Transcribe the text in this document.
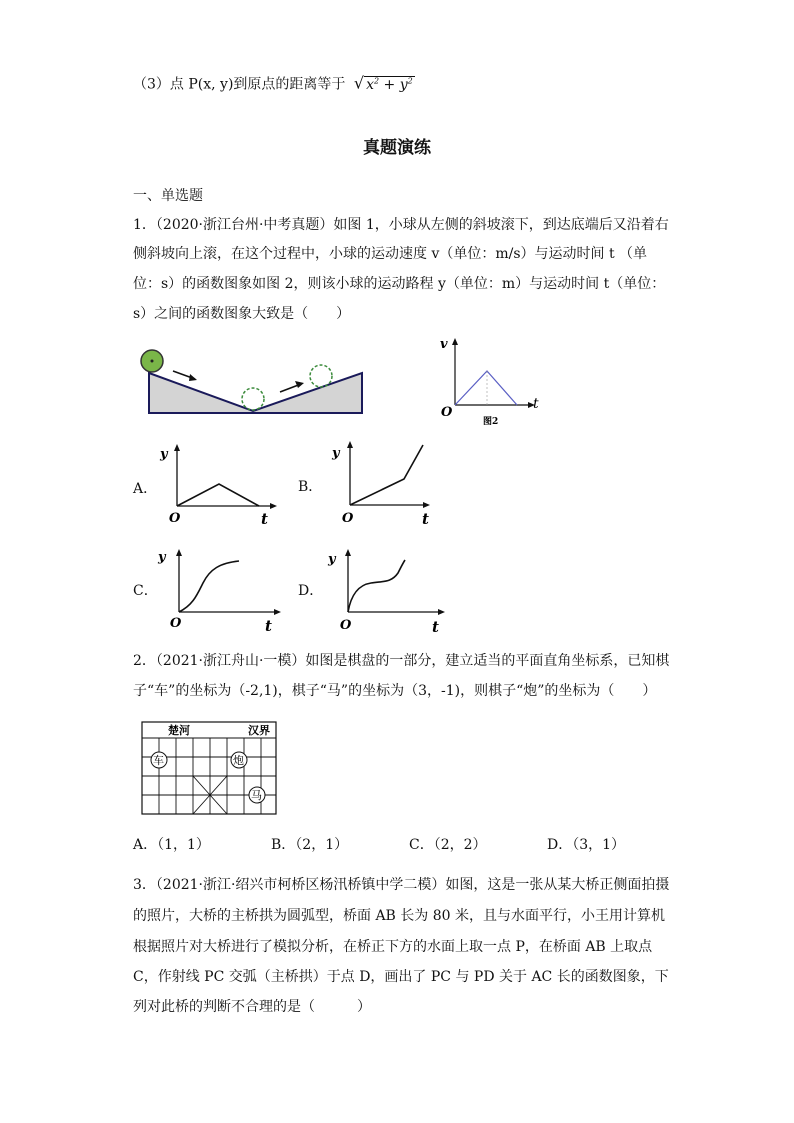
（3）点 P(x, y)到原点的距离等于 √ $x^2 + y^2$
真题演练
一、单选题
1．（2020·浙江台州·中考真题）如图 1，小球从左侧的斜坡滚下，到达底端后又沿着右
侧斜坡向上滚，在这个过程中，小球的运动速度 v（单位：m/s）与运动时间 t （单
位：s）的函数图象如图 2，则该小球的运动路程 y（单位：m）与运动时间 t（单位：
s）之间的函数图象大致是（　　）
v
t
O
图2
A．
y
O	t
B．
y
O	t
C．
y
O	t
D．
y
O	t
2．（2021·浙江舟山·一模）如图是棋盘的一部分，建立适当的平面直角坐标系，已知棋
子“车”的坐标为（-2,1)，棋子“马”的坐标为（3，-1)，则棋子“炮”的坐标为（　　）
楚河	汉界
车	炮
马
A．（1，1）	B．（2，1）	C．（2，2）	D．（3，1）
3．（2021·浙江·绍兴市柯桥区杨汛桥镇中学二模）如图，这是一张从某大桥正侧面拍摄
的照片，大桥的主桥拱为圆弧型，桥面 AB 长为 80 米，且与水面平行，小王用计算机
根据照片对大桥进行了模拟分析，在桥正下方的水面上取一点 P，在桥面 AB 上取点
C，作射线 PC 交弧（主桥拱）于点 D，画出了 PC 与 PD 关于 AC 长的函数图象，下
列对此桥的判断不合理的是（　　　）
